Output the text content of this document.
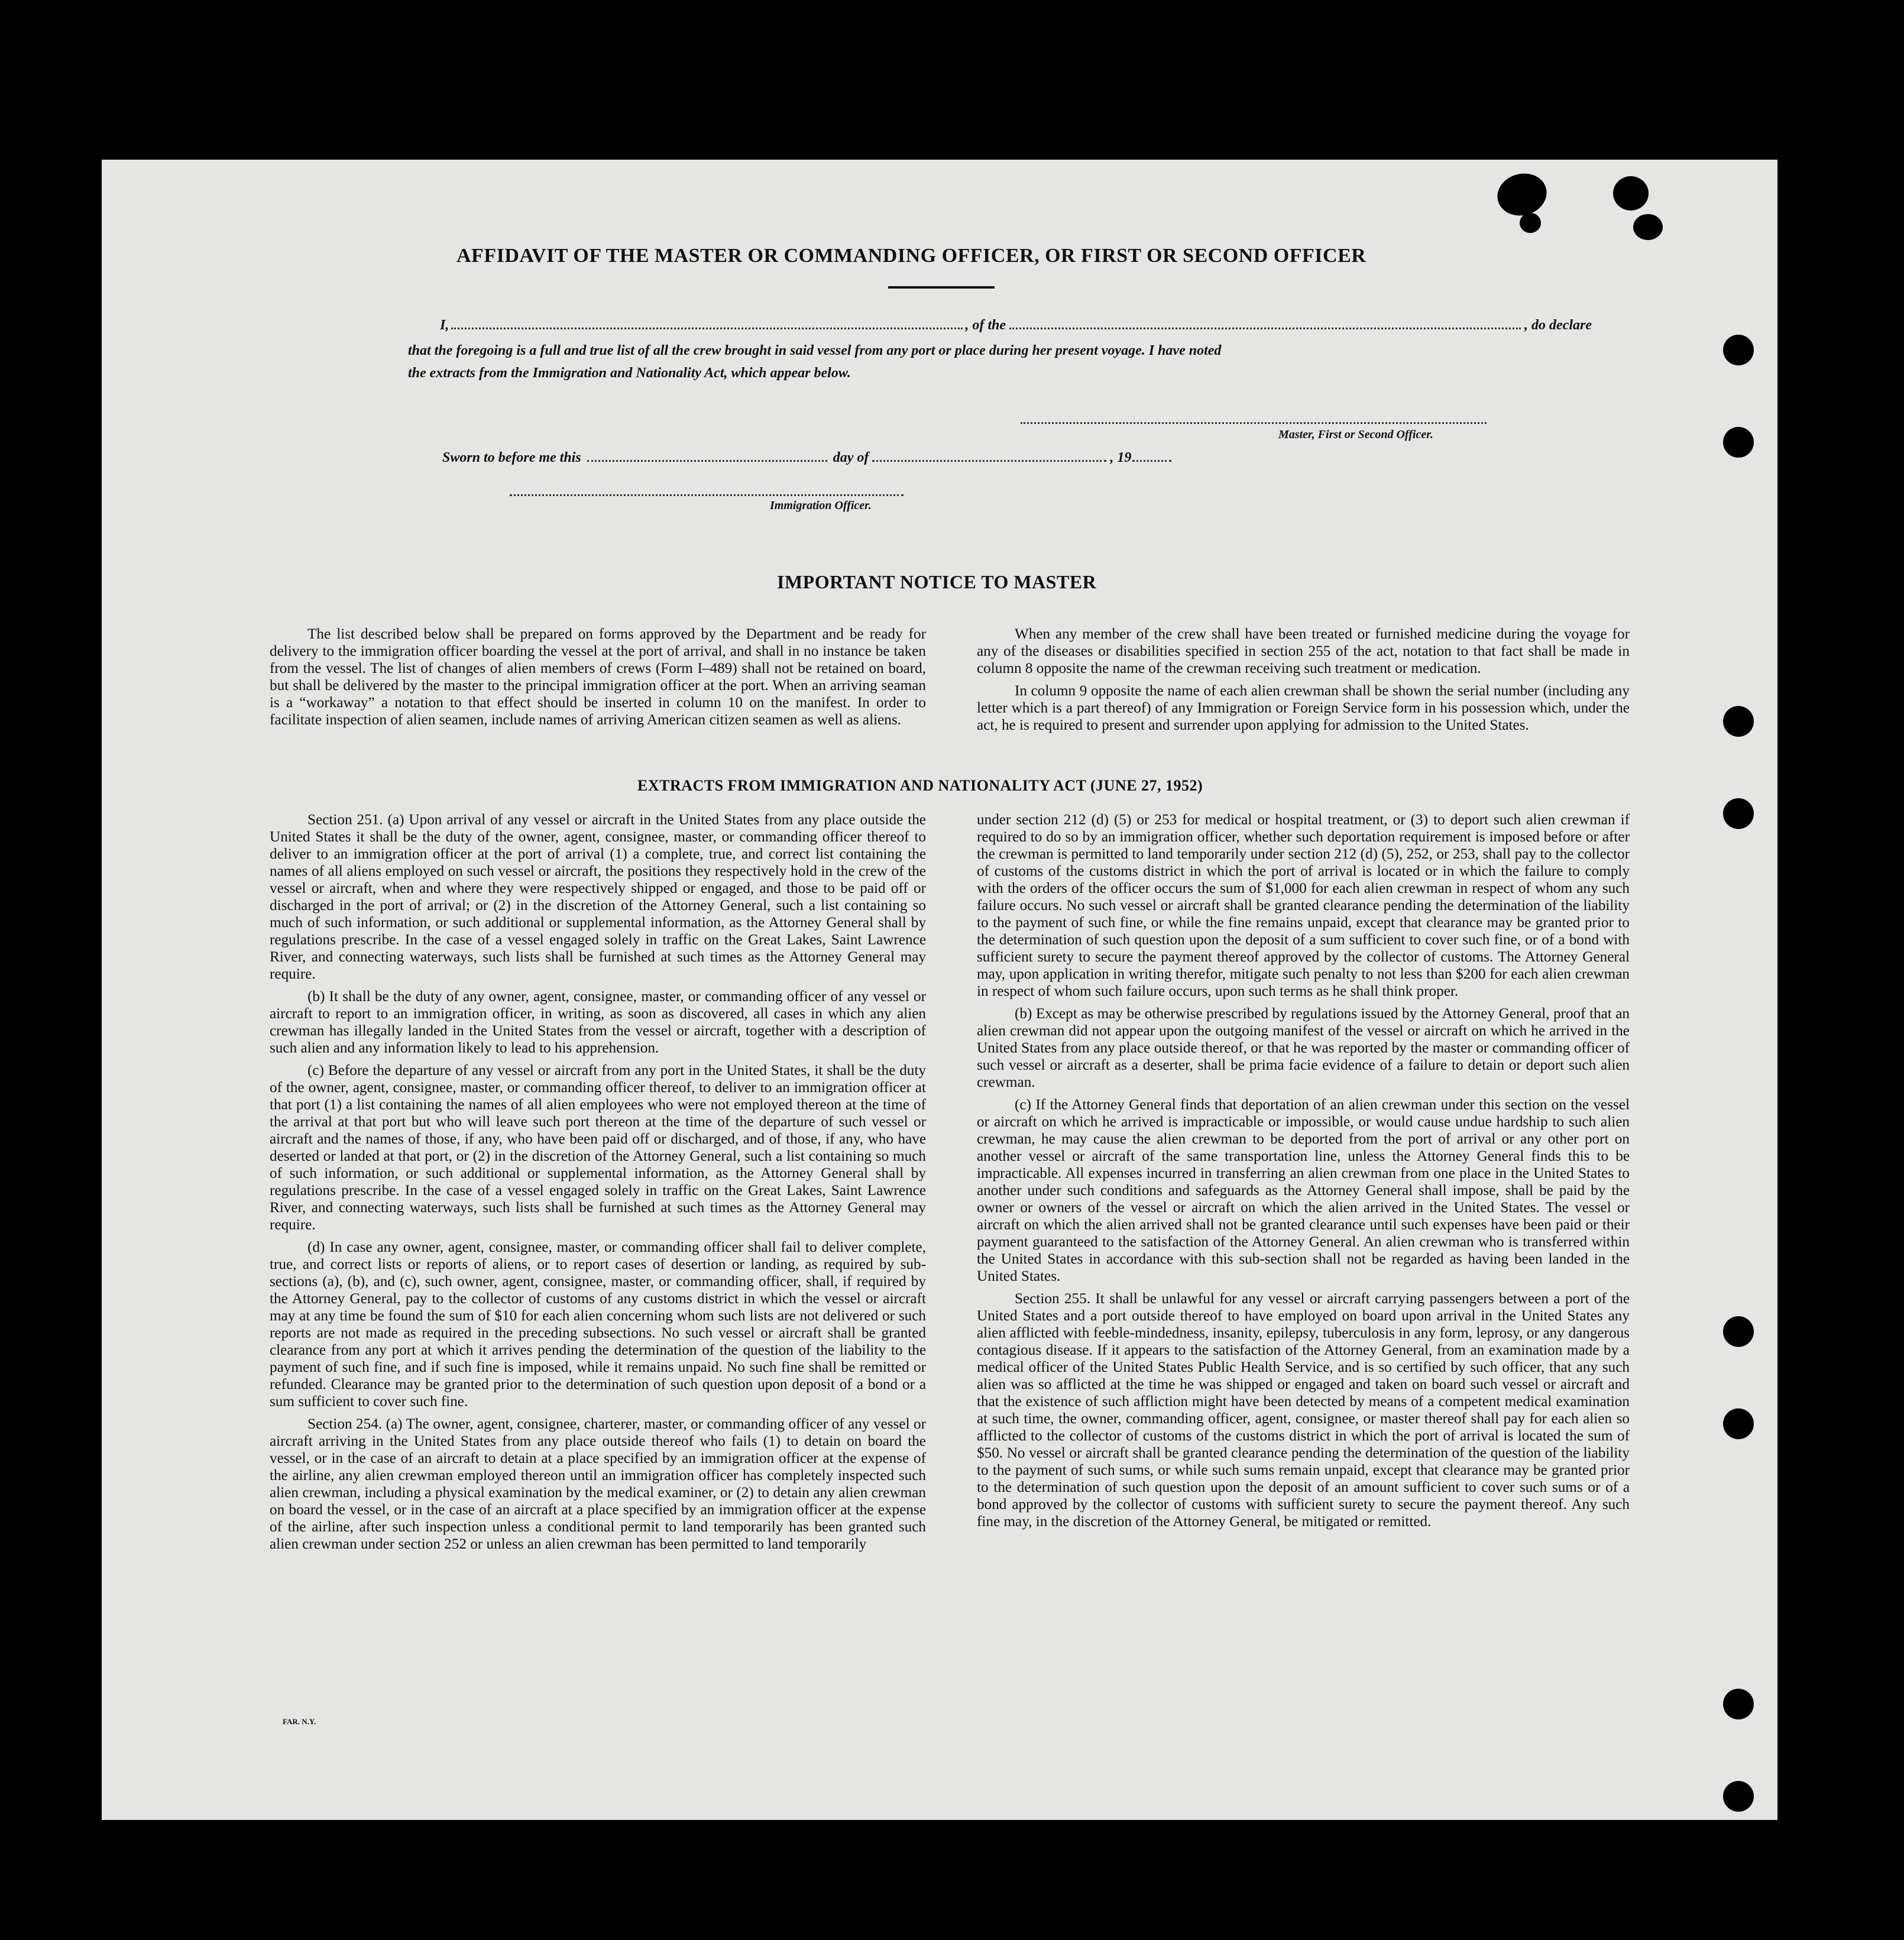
AFFIDAVIT OF THE MASTER OR COMMANDING OFFICER, OR FIRST OR SECOND OFFICER
I,	, of the	, do declare
that the foregoing is a full and true list of all the crew brought in said vessel from any port or place during her present voyage. I have noted
the extracts from the Immigration and Nationality Act, which appear below.
Master, First or Second Officer.
Sworn to before me this	day of	, 19
Immigration Officer.
IMPORTANT NOTICE TO MASTER

The list described below shall be prepared on forms approved by the Department and be ready for delivery to the immigration officer boarding the vessel at the port of arrival, and shall in no instance be taken from the vessel. The list of changes of alien members of crews (Form I–489) shall not be retained on board, but shall be delivered by the master to the principal immigration officer at the port. When an arriving seaman is a “workaway” a notation to that effect should be inserted in column 10 on the manifest. In order to facilitate inspection of alien seamen, include names of arriving American citizen seamen as well as aliens.

When any member of the crew shall have been treated or furnished medicine during the voyage for any of the diseases or disabilities specified in section 255 of the act, notation to that fact shall be made in column 8 opposite the name of the crewman receiving such treatment or medication.

In column 9 opposite the name of each alien crewman shall be shown the serial number (including any letter which is a part thereof) of any Immigration or Foreign Service form in his possession which, under the act, he is required to present and surrender upon applying for admission to the United States.

EXTRACTS FROM IMMIGRATION AND NATIONALITY ACT (JUNE 27, 1952)

Section 251. (a) Upon arrival of any vessel or aircraft in the United States from any place outside the United States it shall be the duty of the owner, agent, consignee, master, or commanding officer thereof to deliver to an immigration officer at the port of arrival (1) a complete, true, and correct list containing the names of all aliens employed on such vessel or aircraft, the positions they respectively hold in the crew of the vessel or aircraft, when and where they were respectively shipped or engaged, and those to be paid off or discharged in the port of arrival; or (2) in the discretion of the Attorney General, such a list containing so much of such information, or such additional or supplemental information, as the Attorney General shall by regulations prescribe. In the case of a vessel engaged solely in traffic on the Great Lakes, Saint Lawrence River, and connecting waterways, such lists shall be furnished at such times as the Attorney General may require.

(b) It shall be the duty of any owner, agent, consignee, master, or commanding officer of any vessel or aircraft to report to an immigration officer, in writing, as soon as discovered, all cases in which any alien crewman has illegally landed in the United States from the vessel or aircraft, together with a description of such alien and any information likely to lead to his apprehension.

(c) Before the departure of any vessel or aircraft from any port in the United States, it shall be the duty of the owner, agent, consignee, master, or commanding officer thereof, to deliver to an immigration officer at that port (1) a list containing the names of all alien employees who were not employed thereon at the time of the arrival at that port but who will leave such port thereon at the time of the departure of such vessel or aircraft and the names of those, if any, who have been paid off or discharged, and of those, if any, who have deserted or landed at that port, or (2) in the discretion of the Attorney General, such a list containing so much of such information, or such additional or supplemental information, as the Attorney General shall by regulations prescribe. In the case of a vessel engaged solely in traffic on the Great Lakes, Saint Lawrence River, and connecting waterways, such lists shall be furnished at such times as the Attorney General may require.

(d) In case any owner, agent, consignee, master, or commanding officer shall fail to deliver complete, true, and correct lists or reports of aliens, or to report cases of desertion or landing, as required by sub-sections (a), (b), and (c), such owner, agent, consignee, master, or commanding officer, shall, if required by the Attorney General, pay to the collector of customs of any customs district in which the vessel or aircraft may at any time be found the sum of $10 for each alien concerning whom such lists are not delivered or such reports are not made as required in the preceding subsections. No such vessel or aircraft shall be granted clearance from any port at which it arrives pending the determination of the question of the liability to the payment of such fine, and if such fine is imposed, while it remains unpaid. No such fine shall be remitted or refunded. Clearance may be granted prior to the determination of such question upon deposit of a bond or a sum sufficient to cover such fine.

Section 254. (a) The owner, agent, consignee, charterer, master, or commanding officer of any vessel or aircraft arriving in the United States from any place outside thereof who fails (1) to detain on board the vessel, or in the case of an aircraft to detain at a place specified by an immigration officer at the expense of the airline, any alien crewman employed thereon until an immigration officer has completely inspected such alien crewman, including a physical examination by the medical examiner, or (2) to detain any alien crewman on board the vessel, or in the case of an aircraft at a place specified by an immigration officer at the expense of the airline, after such inspection unless a conditional permit to land temporarily has been granted such alien crewman under section 252 or unless an alien crewman has been permitted to land temporarily

under section 212 (d) (5) or 253 for medical or hospital treatment, or (3) to deport such alien crewman if required to do so by an immigration officer, whether such deportation requirement is imposed before or after the crewman is permitted to land temporarily under section 212 (d) (5), 252, or 253, shall pay to the collector of customs of the customs district in which the port of arrival is located or in which the failure to comply with the orders of the officer occurs the sum of $1,000 for each alien crewman in respect of whom any such failure occurs. No such vessel or aircraft shall be granted clearance pending the determination of the liability to the payment of such fine, or while the fine remains unpaid, except that clearance may be granted prior to the determination of such question upon the deposit of a sum sufficient to cover such fine, or of a bond with sufficient surety to secure the payment thereof approved by the collector of customs. The Attorney General may, upon application in writing therefor, mitigate such penalty to not less than $200 for each alien crewman in respect of whom such failure occurs, upon such terms as he shall think proper.

(b) Except as may be otherwise prescribed by regulations issued by the Attorney General, proof that an alien crewman did not appear upon the outgoing manifest of the vessel or aircraft on which he arrived in the United States from any place outside thereof, or that he was reported by the master or commanding officer of such vessel or aircraft as a deserter, shall be prima facie evidence of a failure to detain or deport such alien crewman.

(c) If the Attorney General finds that deportation of an alien crewman under this section on the vessel or aircraft on which he arrived is impracticable or impossible, or would cause undue hardship to such alien crewman, he may cause the alien crewman to be deported from the port of arrival or any other port on another vessel or aircraft of the same transportation line, unless the Attorney General finds this to be impracticable. All expenses incurred in transferring an alien crewman from one place in the United States to another under such conditions and safeguards as the Attorney General shall impose, shall be paid by the owner or owners of the vessel or aircraft on which the alien arrived in the United States. The vessel or aircraft on which the alien arrived shall not be granted clearance until such expenses have been paid or their payment guaranteed to the satisfaction of the Attorney General. An alien crewman who is transferred within the United States in accordance with this sub-section shall not be regarded as having been landed in the United States.

Section 255. It shall be unlawful for any vessel or aircraft carrying passengers between a port of the United States and a port outside thereof to have employed on board upon arrival in the United States any alien afflicted with feeble-mindedness, insanity, epilepsy, tuberculosis in any form, leprosy, or any dangerous contagious disease. If it appears to the satisfaction of the Attorney General, from an examination made by a medical officer of the United States Public Health Service, and is so certified by such officer, that any such alien was so afflicted at the time he was shipped or engaged and taken on board such vessel or aircraft and that the existence of such affliction might have been detected by means of a competent medical examination at such time, the owner, commanding officer, agent, consignee, or master thereof shall pay for each alien so afflicted to the collector of customs of the customs district in which the port of arrival is located the sum of $50. No vessel or aircraft shall be granted clearance pending the determination of the question of the liability to the payment of such sums, or while such sums remain unpaid, except that clearance may be granted prior to the determination of such question upon the deposit of an amount sufficient to cover such sums or of a bond approved by the collector of customs with sufficient surety to secure the payment thereof. Any such fine may, in the discretion of the Attorney General, be mitigated or remitted.

FAR. N.Y.
